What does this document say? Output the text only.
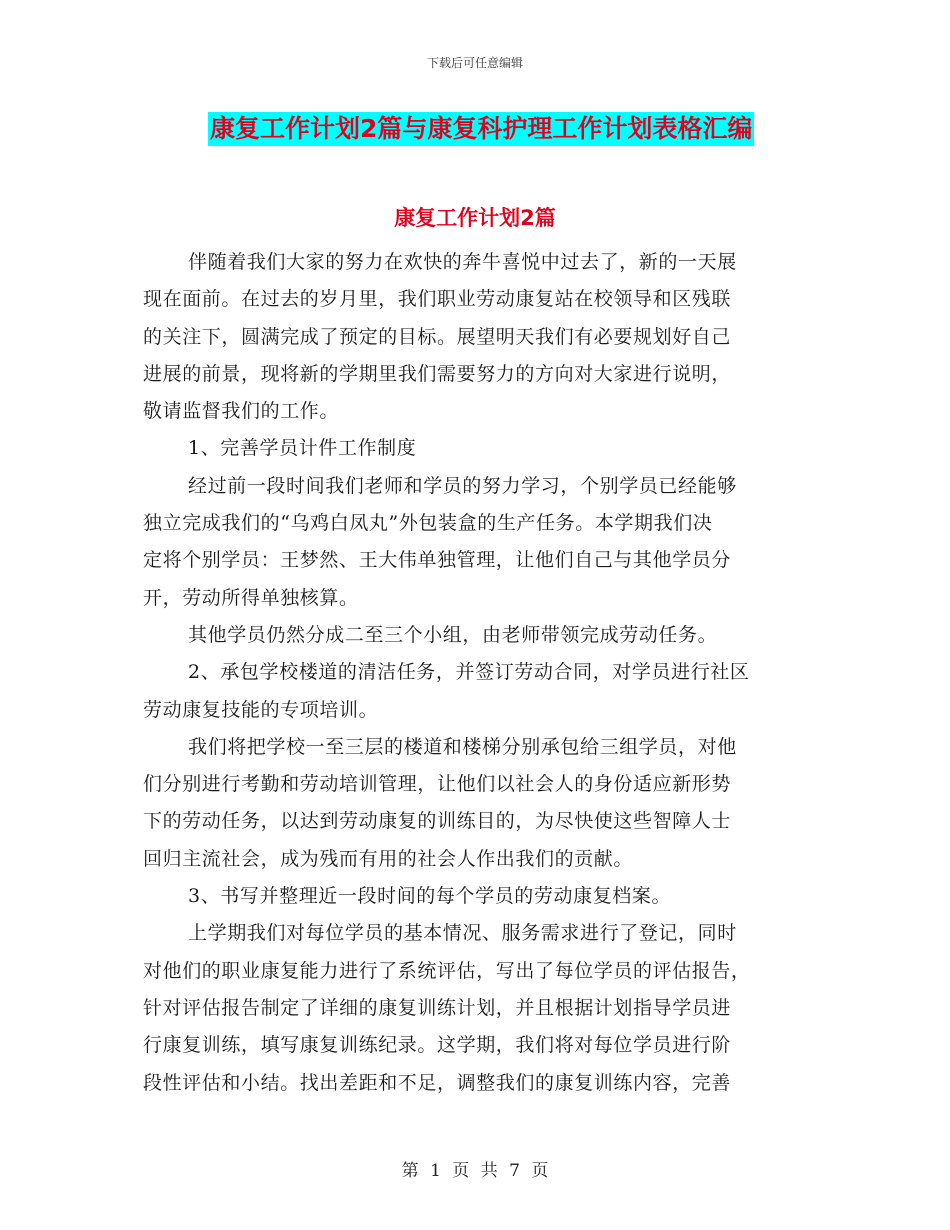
下载后可任意编辑
康复工作计划2篇与康复科护理工作计划表格汇编
康复工作计划2篇

伴随着我们大家的努力在欢快的奔牛喜悦中过去了，新的一天展
现在面前。在过去的岁月里，我们职业劳动康复站在校领导和区残联
的关注下，圆满完成了预定的目标。展望明天我们有必要规划好自己
进展的前景，现将新的学期里我们需要努力的方向对大家进行说明，
敬请监督我们的工作。

1、完善学员计件工作制度

经过前一段时间我们老师和学员的努力学习，个别学员已经能够
独立完成我们的“乌鸡白凤丸”外包装盒的生产任务。本学期我们决
定将个别学员：王梦然、王大伟单独管理，让他们自己与其他学员分
开，劳动所得单独核算。

其他学员仍然分成二至三个小组，由老师带领完成劳动任务。

2、承包学校楼道的清洁任务，并签订劳动合同，对学员进行社区
劳动康复技能的专项培训。

我们将把学校一至三层的楼道和楼梯分别承包给三组学员，对他
们分别进行考勤和劳动培训管理，让他们以社会人的身份适应新形势
下的劳动任务，以达到劳动康复的训练目的，为尽快使这些智障人士
回归主流社会，成为残而有用的社会人作出我们的贡献。

3、书写并整理近一段时间的每个学员的劳动康复档案。

上学期我们对每位学员的基本情况、服务需求进行了登记，同时
对他们的职业康复能力进行了系统评估，写出了每位学员的评估报告，
针对评估报告制定了详细的康复训练计划，并且根据计划指导学员进
行康复训练，填写康复训练纪录。这学期，我们将对每位学员进行阶
段性评估和小结。找出差距和不足，调整我们的康复训练内容，完善

第 1 页 共 7 页
